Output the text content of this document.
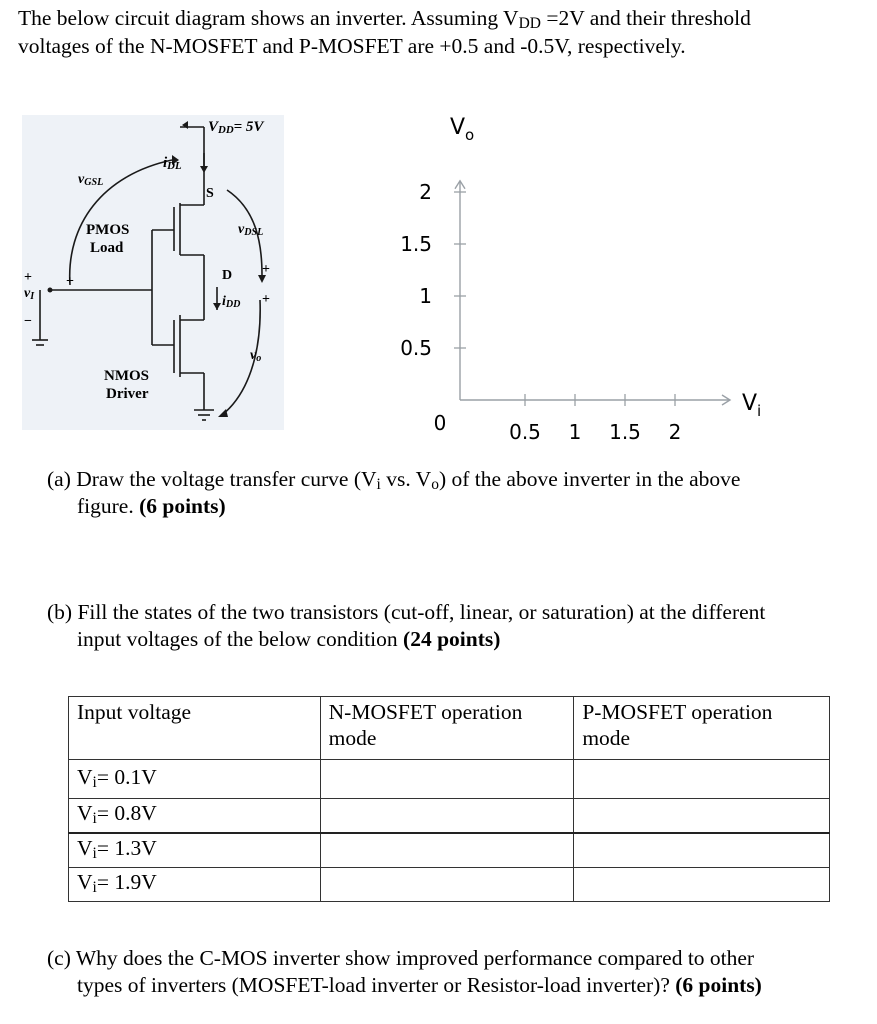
The below circuit diagram shows an inverter. Assuming $V_{DD} =2V$ and their threshold
voltages of the N-MOSFET and P-MOSFET are +0.5 and -0.5V, respectively.
$V_{DD}= 5V$
$i_{DL}$
$v_{GSL}$
S
$v_{DSL}$
PMOS
Load
D
$i_{DD}$
$v_I$
$v_o$
NMOS
Driver
+ +
+
+
−
2
1.5
1
0.5
0.5 1 1.5 2
0
V o
V i
(a) Draw the voltage transfer curve ($V_i$ vs. $V_o$) of the above inverter in the above
figure. (6 points)
(b) Fill the states of the two transistors (cut-off, linear, or saturation) at the different
input voltages of the below condition (24 points)
Input voltage	N-MOSFET operation mode	P-MOSFET operation mode
$V_i= 0.1V$		
$V_i= 0.8V$		
$V_i= 1.3V$		
$V_i= 1.9V$		
(c) Why does the C-MOS inverter show improved performance compared to other
types of inverters (MOSFET-load inverter or Resistor-load inverter)? (6 points)
